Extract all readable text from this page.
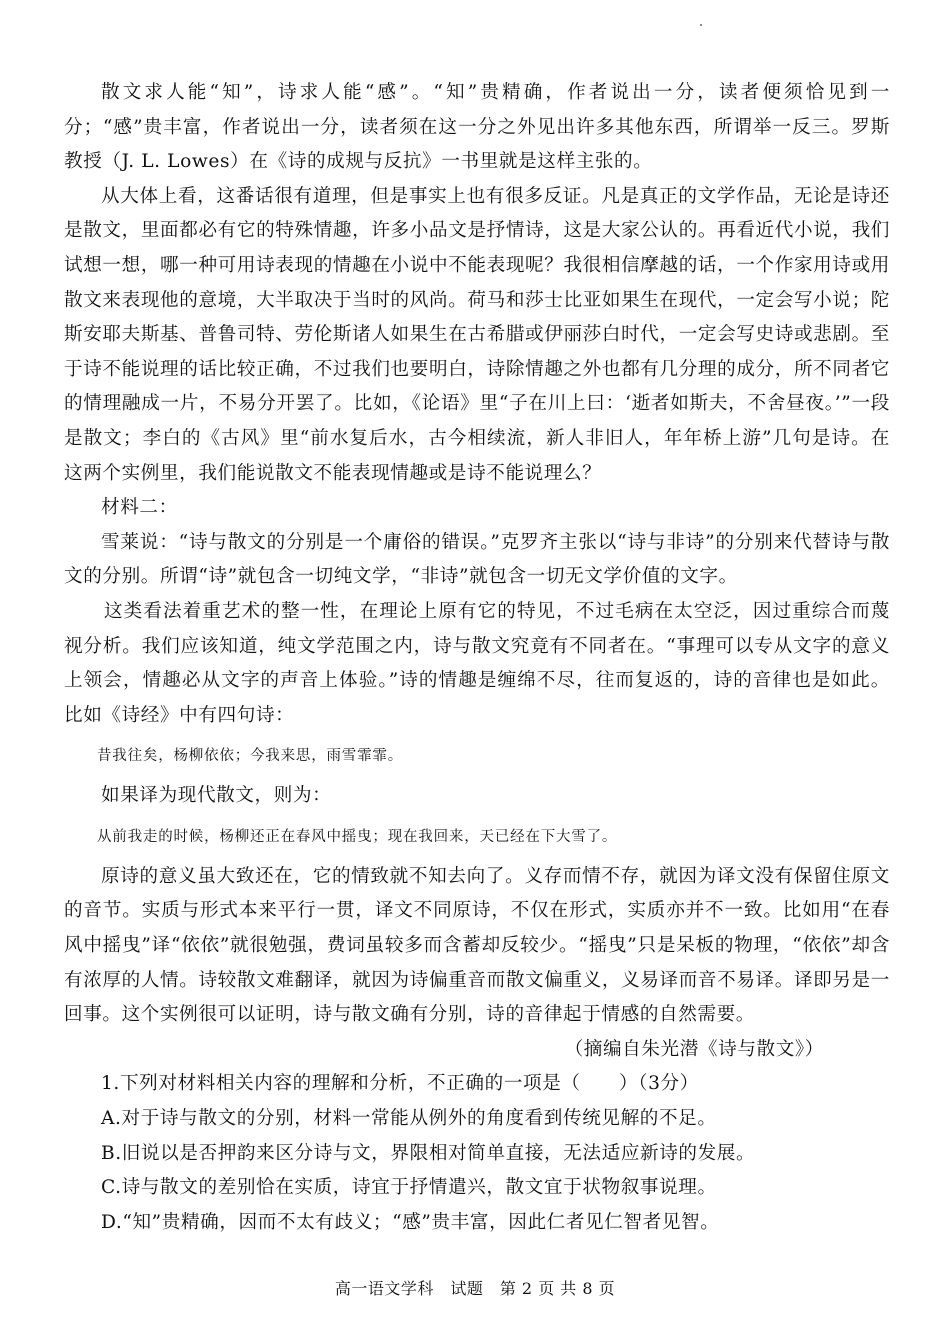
散文求人能“知”，诗求人能“感”。“知”贵精确，作者说出一分，读者便须恰见到一分；“感”贵丰富，作者说出一分，读者须在这一分之外见出许多其他东西，所谓举一反三。罗斯教授（J. L. Lowes）在《诗的成规与反抗》一书里就是这样主张的。

从大体上看，这番话很有道理，但是事实上也有很多反证。凡是真正的文学作品，无论是诗还是散文，里面都必有它的特殊情趣，许多小品文是抒情诗，这是大家公认的。再看近代小说，我们试想一想，哪一种可用诗表现的情趣在小说中不能表现呢？我很相信摩越的话，一个作家用诗或用散文来表现他的意境，大半取决于当时的风尚。荷马和莎士比亚如果生在现代，一定会写小说；陀斯安耶夫斯基、普鲁司特、劳伦斯诸人如果生在古希腊或伊丽莎白时代，一定会写史诗或悲剧。至于诗不能说理的话比较正确，不过我们也要明白，诗除情趣之外也都有几分理的成分，所不同者它的情理融成一片，不易分开罢了。比如，《论语》里“子在川上曰：‘逝者如斯夫，不舍昼夜。’”一段是散文；李白的《古风》里“前水复后水，古今相续流，新人非旧人，年年桥上游”几句是诗。在这两个实例里，我们能说散文不能表现情趣或是诗不能说理么？

材料二：

雪莱说：“诗与散文的分别是一个庸俗的错误。”克罗齐主张以“诗与非诗”的分别来代替诗与散文的分别。所谓“诗”就包含一切纯文学，“非诗”就包含一切无文学价值的文字。

这类看法着重艺术的整一性，在理论上原有它的特见，不过毛病在太空泛，因过重综合而蔑视分析。我们应该知道，纯文学范围之内，诗与散文究竟有不同者在。“事理可以专从文字的意义上领会，情趣必从文字的声音上体验。”诗的情趣是缠绵不尽，往而复返的，诗的音律也是如此。比如《诗经》中有四句诗：

昔我往矣，杨柳依依；今我来思，雨雪霏霏。

如果译为现代散文，则为：

从前我走的时候，杨柳还正在春风中摇曳；现在我回来，天已经在下大雪了。

原诗的意义虽大致还在，它的情致就不知去向了。义存而情不存，就因为译文没有保留住原文的音节。实质与形式本来平行一贯，译文不同原诗，不仅在形式，实质亦并不一致。比如用“在春风中摇曳”译“依依”就很勉强，费词虽较多而含蓄却反较少。“摇曳”只是呆板的物理，“依依”却含有浓厚的人情。诗较散文难翻译，就因为诗偏重音而散文偏重义，义易译而音不易译。译即另是一回事。这个实例很可以证明，诗与散文确有分别，诗的音律起于情感的自然需要。

（摘编自朱光潜《诗与散文》）

1.下列对材料相关内容的理解和分析，不正确的一项是（　　）（3分）

A.对于诗与散文的分别，材料一常能从例外的角度看到传统见解的不足。

B.旧说以是否押韵来区分诗与文，界限相对简单直接，无法适应新诗的发展。

C.诗与散文的差别恰在实质，诗宜于抒情遣兴，散文宜于状物叙事说理。

D.“知”贵精确，因而不太有歧义；“感”贵丰富，因此仁者见仁智者见智。

高一语文学科　试题　第 2 页 共 8 页
